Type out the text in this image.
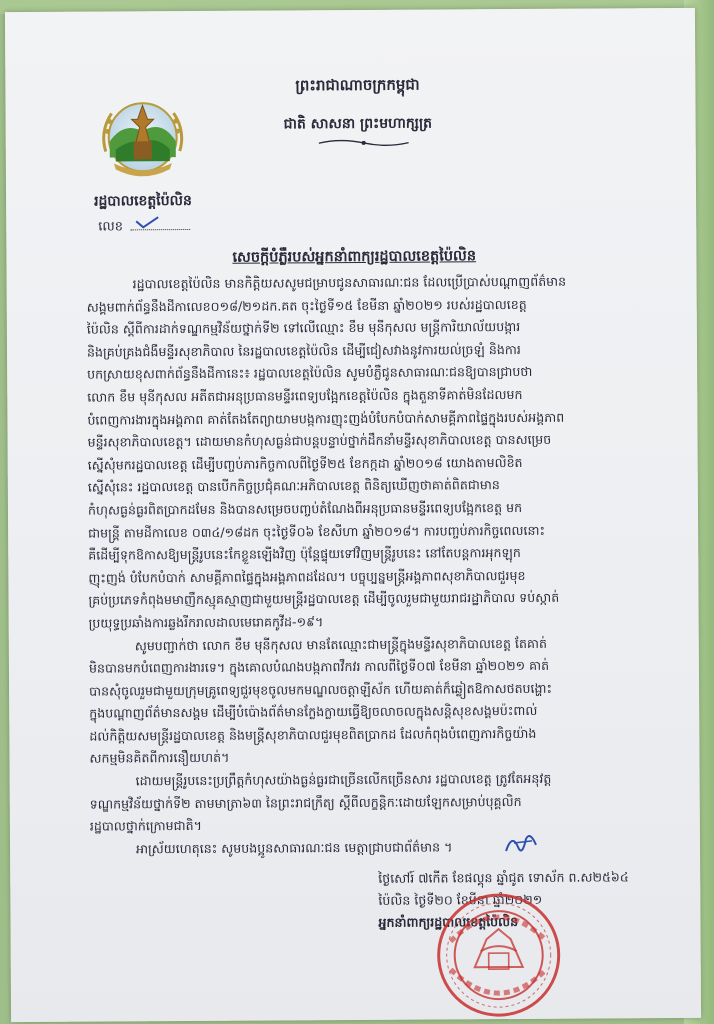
ព្រះរាជាណាចក្រកម្ពុជា
ជាតិ សាសនា ព្រះមហាក្សត្រ
រដ្ឋបាលខេត្តប៉ៃលិន
លេខ
សេចក្តីបំភ្លឺរបស់អ្នកនាំពាក្យរដ្ឋបាលខេត្តប៉ៃលិន
រដ្ឋបាលខេត្តប៉ៃលិន មានកិត្តិយសសូមជម្រាបជូនសាធារណៈជន ដែលប្រើប្រាស់បណ្តាញព័ត៌មាន
សង្គមពាក់ព័ន្ធនឹងដីកាលេខ០១៨/២១ដក.គត ចុះថ្ងៃទី១៥ ខែមីនា ឆ្នាំ២០២១ របស់រដ្ឋបាលខេត្ត
ប៉ៃលិន ស្តីពីការដាក់ទណ្ឌកម្មវិន័យថ្នាក់ទី២ ទៅលើឈ្មោះ ខឹម មុនីកុសល មន្ត្រីការិយាល័យបង្ការ
និងគ្រប់គ្រងជំងឺមន្ទីរសុខាភិបាល នៃរដ្ឋបាលខេត្តប៉ៃលិន ដើម្បីជៀសវាងនូវការយល់ច្រឡំ និងការ
បកស្រាយខុសពាក់ព័ន្ធនឹងដីកានេះ៖ រដ្ឋបាលខេត្តប៉ៃលិន សូមបំភ្លឺជូនសាធារណៈជនឱ្យបានជ្រាបថា
លោក ខឹម មុនីកុសល អតីតជាអនុប្រធានមន្ទីរពេទ្យបង្អែកខេត្តប៉ៃលិន ក្នុងតួនាទីគាត់មិនដែលមក
បំពេញការងារក្នុងអង្គភាព គាត់តែងតែព្យាយាមបង្កការញុះញង់បំបែកបំបាក់សាមគ្គីភាពផ្ទៃក្នុងរបស់អង្គភាព
មន្ទីរសុខាភិបាលខេត្ត។ ដោយមានកំហុសធ្ងន់ជាបន្តបន្ទាប់ថ្នាក់ដឹកនាំមន្ទីរសុខាភិបាលខេត្ត បានសម្រេច
ស្នើសុំមករដ្ឋបាលខេត្ត ដើម្បីបញ្ចប់ភារកិច្ចកាលពីថ្ងៃទី២៥ ខែកក្កដា ឆ្នាំ២០១៨ យោងតាមលិខិត
ស្នើសុំនេះ រដ្ឋបាលខេត្ត បានបើកកិច្ចប្រជុំគណៈអភិបាលខេត្ត ពិនិត្យឃើញថាគាត់ពិតជាមាន
កំហុសធ្ងន់ធ្ងរពិតប្រាកដមែន និងបានសម្រេចបញ្ចប់តំណែងពីអនុប្រធានមន្ទីរពេទ្យបង្អែកខេត្ត មក
ជាមន្ត្រី តាមដីកាលេខ ០៣៤/១៨ដក ចុះថ្ងៃទី០៦ ខែសីហា ឆ្នាំ២០១៨។ ការបញ្ចប់ភារកិច្ចពេលនោះ
គឺដើម្បីទុកឱកាសឱ្យមន្ត្រីរូបនេះកែខ្លួនឡើងវិញ ប៉ុន្តែផ្ទុយទៅវិញមន្ត្រីរូបនេះ នៅតែបន្តការអុកឡុក
ញុះញង់ បំបែកបំបាក់ សាមគ្គីភាពផ្ទៃក្នុងអង្គភាពដដែល។ បច្ចុប្បន្នមន្ត្រីអង្គភាពសុខាភិបាលជួរមុខ
គ្រប់ប្រភេទកំពុងមមាញឹកស្មុគស្មាញជាមួយមន្ត្រីរដ្ឋបាលខេត្ត ដើម្បីចូលរួមជាមួយរាជរដ្ឋាភិបាល ទប់ស្កាត់
ប្រយុទ្ធប្រឆាំងការឆ្លងរីករាលដាលមេរោគកូវីដ-១៩។
សូមបញ្ជាក់ថា លោក ខឹម មុនីកុសល មានតែឈ្មោះជាមន្ត្រីក្នុងមន្ទីរសុខាភិបាលខេត្ត តែគាត់
មិនបានមកបំពេញការងារទេ។ ក្នុងគោលបំណងបង្កភាពវឹកវរ កាលពីថ្ងៃទី០៧ ខែមីនា ឆ្នាំ២០២១ គាត់
បានសុំចូលរួមជាមួយក្រុមគ្រូពេទ្យជួរមុខចូលមកមណ្ឌលចត្តាឡីស័ក ហើយគាត់ក៏ឆ្លៀតឱកាសថតបង្ហោះ
ក្នុងបណ្តាញព័ត៌មានសង្គម ដើម្បីបំប៉ោងព័ត៌មានក្លែងក្លាយធ្វើឱ្យចលាចលក្នុងសន្តិសុខសង្គមប៉ះពាល់
ដល់កិត្តិយសមន្ត្រីរដ្ឋបាលខេត្ត និងមន្ត្រីសុខាភិបាលជួរមុខពិតប្រាកដ ដែលកំពុងបំពេញភារកិច្ចយ៉ាង
សកម្មមិនគិតពីការនឿយហត់។
ដោយមន្ត្រីរូបនេះប្រព្រឹត្តកំហុសយ៉ាងធ្ងន់ធ្ងរជាច្រើនលើកច្រើនសារ រដ្ឋបាលខេត្ត ត្រូវតែអនុវត្ត
ទណ្ឌកម្មវិន័យថ្នាក់ទី២ តាមមាត្រា៦៣ នៃព្រះរាជក្រឹត្យ ស្តីពីលក្ខន្តិកៈដោយឡែកសម្រាប់បុគ្គលិក
រដ្ឋបាលថ្នាក់ក្រោមជាតិ។
អាស្រ័យហេតុនេះ សូមបងប្អូនសាធារណៈជន មេត្តាជ្រាបជាព័ត៌មាន ។
ថ្ងៃសៅរ៍ ៧កើត ខែផល្គុន ឆ្នាំជូត ទោស័ក ព.ស២៥៦៤
ប៉ៃលិន ថ្ងៃទី២០ ខែមីនា ឆ្នាំ២០២១
អ្នកនាំពាក្យរដ្ឋបាលខេត្តប៉ៃលិន
